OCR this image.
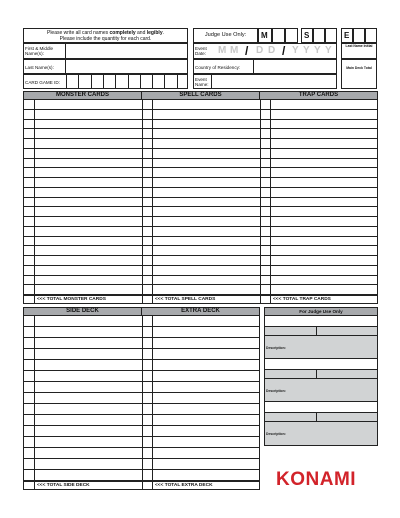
Please write all card names completely and legibly.
Please include the quantity for each card.
Judge Use Only:	M	S	E
Last Name Initial
Main Deck Total
First & Middle
Name(s):
Last Name(s):
CARD GAME ID:
Event
Date: M M / D D / Y Y Y Y
Country of Residency:
Event
Name:
MONSTER CARDS	SPELL CARDS	TRAP CARDS
<<< TOTAL MONSTER CARDS	<<< TOTAL SPELL CARDS	<<< TOTAL TRAP CARDS
SIDE DECK	EXTRA DECK
<<< TOTAL SIDE DECK	<<< TOTAL EXTRA DECK
For Judge Use Only
Description:
Description:
Description:
KONAMI
